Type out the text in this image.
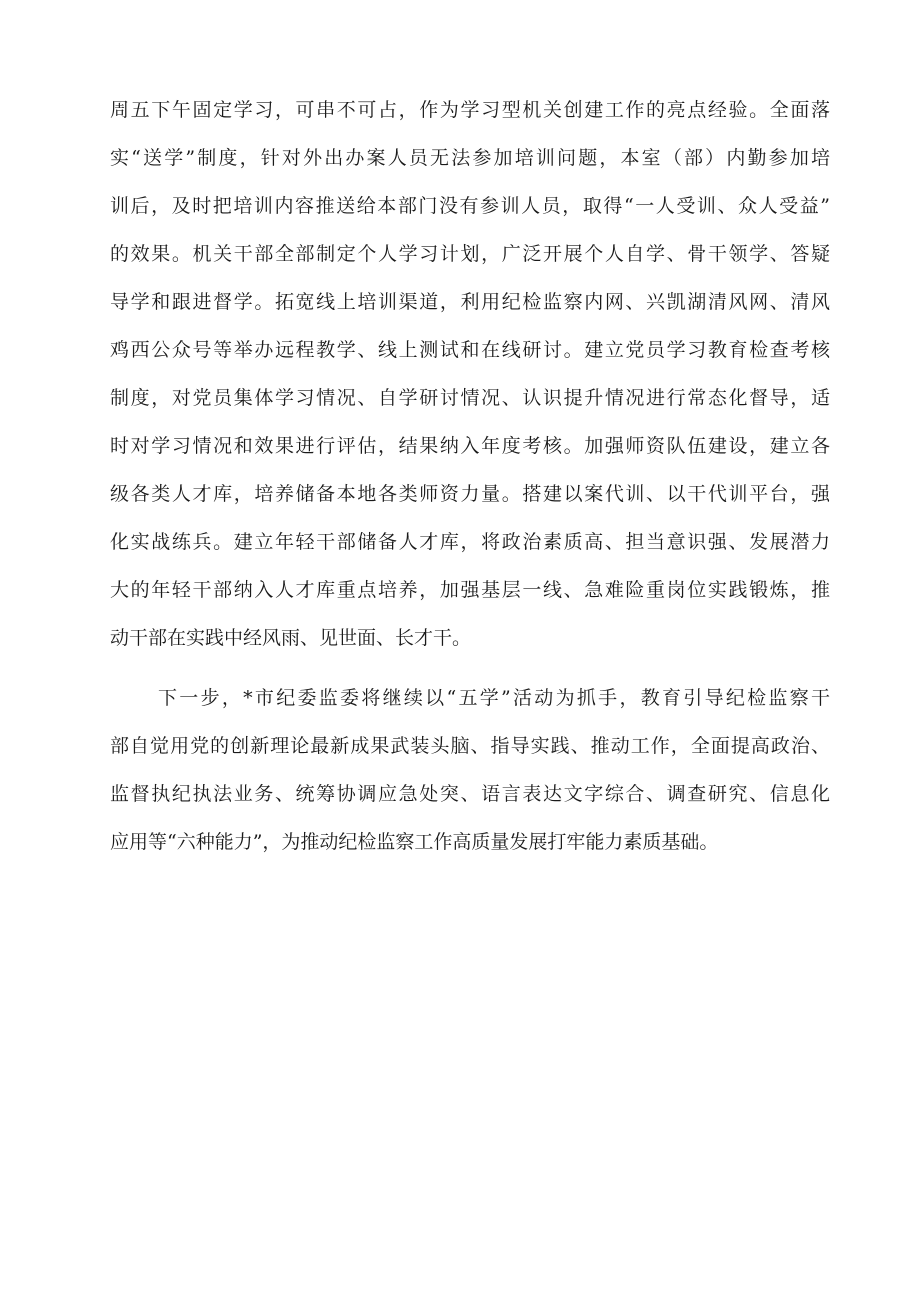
周五下午固定学习，可串不可占，作为学习型机关创建工作的亮点经验。全面落
实“送学”制度，针对外出办案人员无法参加培训问题，本室（部）内勤参加培
训后，及时把培训内容推送给本部门没有参训人员，取得“一人受训、众人受益”
的效果。机关干部全部制定个人学习计划，广泛开展个人自学、骨干领学、答疑
导学和跟进督学。拓宽线上培训渠道，利用纪检监察内网、兴凯湖清风网、清风
鸡西公众号等举办远程教学、线上测试和在线研讨。建立党员学习教育检查考核
制度，对党员集体学习情况、自学研讨情况、认识提升情况进行常态化督导，适
时对学习情况和效果进行评估，结果纳入年度考核。加强师资队伍建设，建立各
级各类人才库，培养储备本地各类师资力量。搭建以案代训、以干代训平台，强
化实战练兵。建立年轻干部储备人才库，将政治素质高、担当意识强、发展潜力
大的年轻干部纳入人才库重点培养，加强基层一线、急难险重岗位实践锻炼，推
动干部在实践中经风雨、见世面、长才干。
下一步，*市纪委监委将继续以“五学”活动为抓手，教育引导纪检监察干
部自觉用党的创新理论最新成果武装头脑、指导实践、推动工作，全面提高政治、
监督执纪执法业务、统筹协调应急处突、语言表达文字综合、调查研究、信息化
应用等“六种能力”，为推动纪检监察工作高质量发展打牢能力素质基础。
